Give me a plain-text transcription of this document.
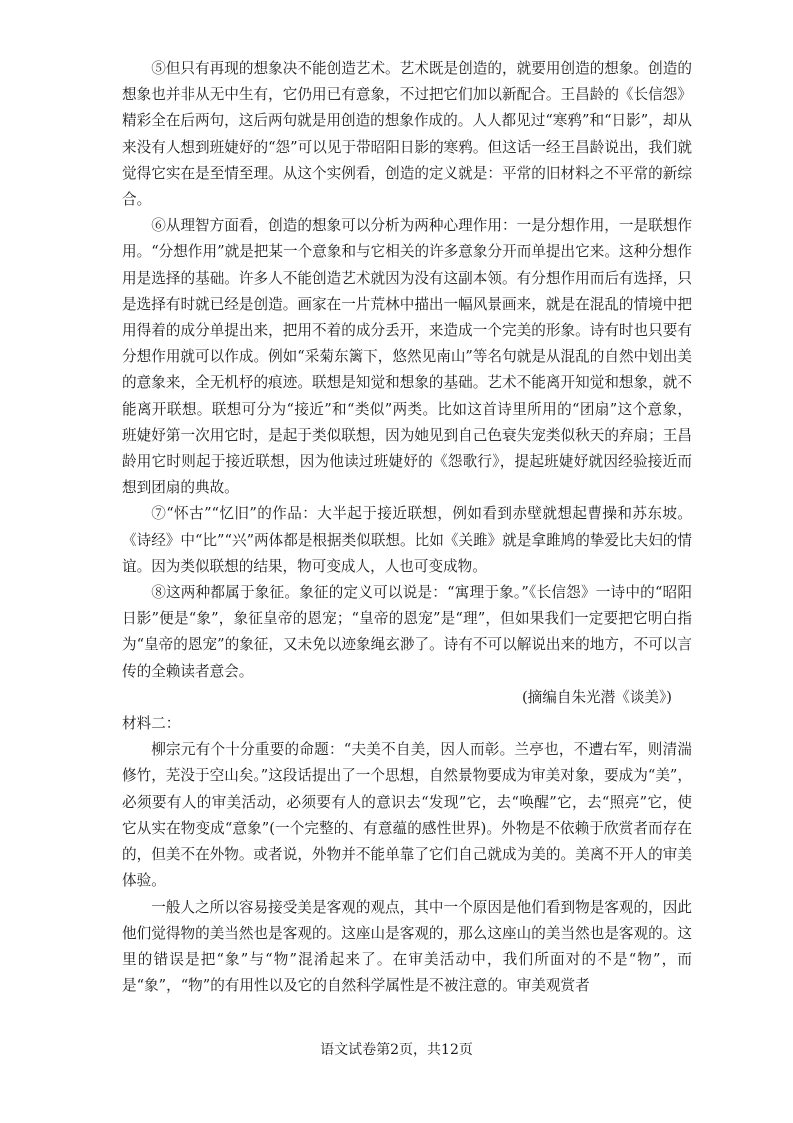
⑤但只有再现的想象决不能创造艺术。艺术既是创造的，就要用创造的想象。创造的想象也并非从无中生有，它仍用已有意象，不过把它们加以新配合。王昌龄的《长信怨》精彩全在后两句，这后两句就是用创造的想象作成的。人人都见过“寒鸦”和“日影”，却从来没有人想到班婕妤的“怨”可以见于带昭阳日影的寒鸦。但这话一经王昌龄说出，我们就觉得它实在是至情至理。从这个实例看，创造的定义就是：平常的旧材料之不平常的新综合。

⑥从理智方面看，创造的想象可以分析为两种心理作用：一是分想作用，一是联想作用。“分想作用”就是把某一个意象和与它相关的许多意象分开而单提出它来。这种分想作用是选择的基础。许多人不能创造艺术就因为没有这副本领。有分想作用而后有选择，只是选择有时就已经是创造。画家在一片荒林中描出一幅风景画来，就是在混乱的情境中把用得着的成分单提出来，把用不着的成分丢开，来造成一个完美的形象。诗有时也只要有分想作用就可以作成。例如“采菊东篱下，悠然见南山”等名句就是从混乱的自然中划出美的意象来，全无机杼的痕迹。联想是知觉和想象的基础。艺术不能离开知觉和想象，就不能离开联想。联想可分为“接近”和“类似”两类。比如这首诗里所用的“团扇”这个意象，班婕妤第一次用它时，是起于类似联想，因为她见到自己色衰失宠类似秋天的弃扇；王昌龄用它时则起于接近联想，因为他读过班婕妤的《怨歌行》，提起班婕妤就因经验接近而想到团扇的典故。

⑦“怀古”“忆旧”的作品：大半起于接近联想，例如看到赤壁就想起曹操和苏东坡。《诗经》中“比”“兴”两体都是根据类似联想。比如《关雎》就是拿雎鸠的挚爱比夫妇的情谊。因为类似联想的结果，物可变成人，人也可变成物。

⑧这两种都属于象征。象征的定义可以说是：“寓理于象。”《长信怨》一诗中的“昭阳日影”便是“象”，象征皇帝的恩宠；“皇帝的恩宠”是“理”，但如果我们一定要把它明白指为“皇帝的恩宠”的象征，又未免以迹象绳玄渺了。诗有不可以解说出来的地方，不可以言传的全赖读者意会。

(摘编自朱光潜《谈美》)

材料二：

柳宗元有个十分重要的命题：“夫美不自美，因人而彰。兰亭也，不遭右军，则清湍修竹，芜没于空山矣。”这段话提出了一个思想，自然景物要成为审美对象，要成为“美”，必须要有人的审美活动，必须要有人的意识去“发现”它，去“唤醒”它，去“照亮”它，使它从实在物变成“意象”(一个完整的、有意蕴的感性世界)。外物是不依赖于欣赏者而存在的，但美不在外物。或者说，外物并不能单靠了它们自己就成为美的。美离不开人的审美体验。

一般人之所以容易接受美是客观的观点，其中一个原因是他们看到物是客观的，因此他们觉得物的美当然也是客观的。这座山是客观的，那么这座山的美当然也是客观的。这里的错误是把“象”与“物”混淆起来了。在审美活动中，我们所面对的不是“物”，而是“象”，“物”的有用性以及它的自然科学属性是不被注意的。审美观赏者

语文试卷第2页，共12页
